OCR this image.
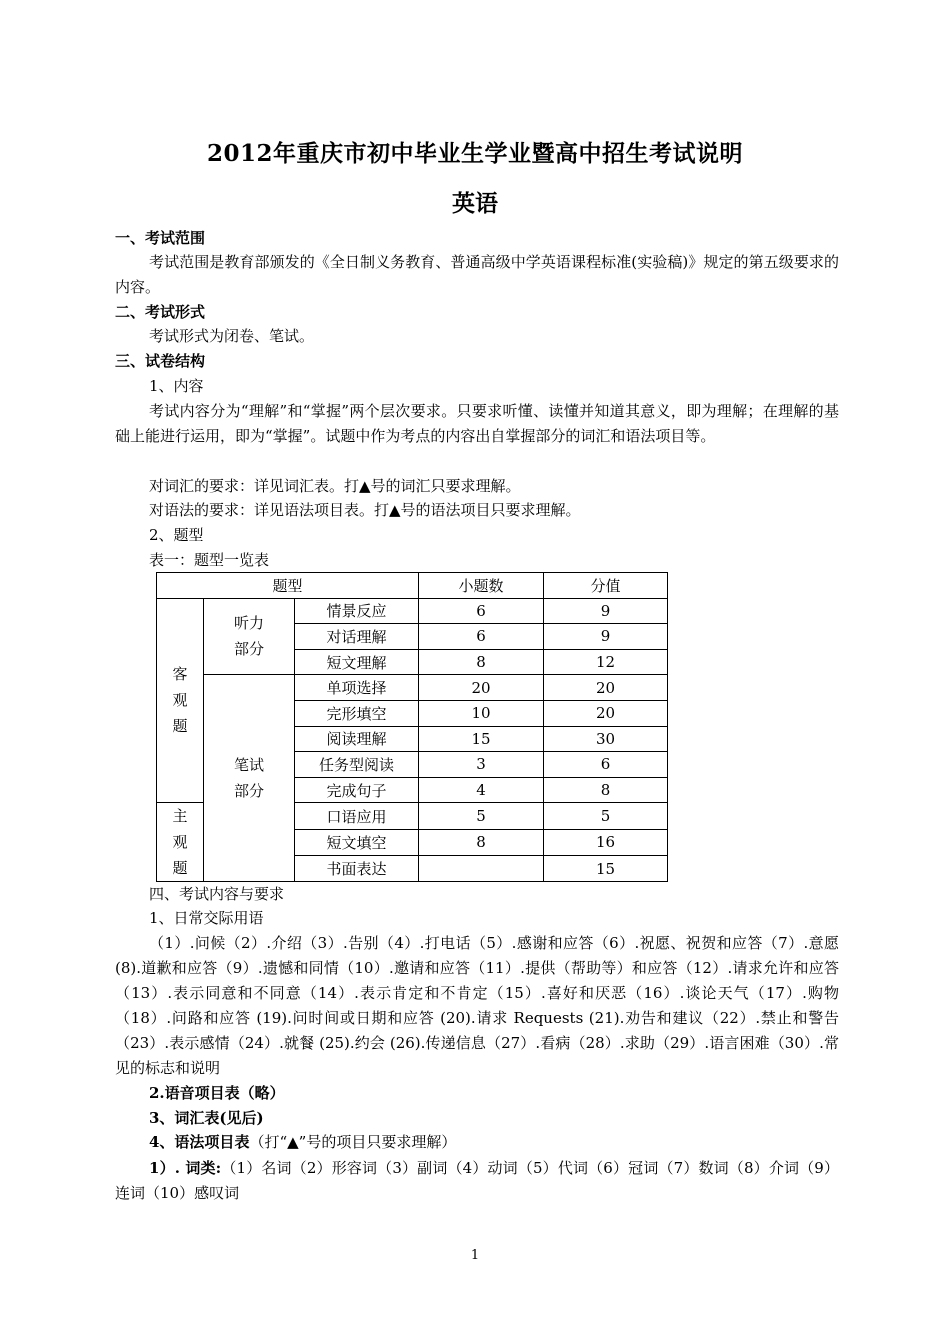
2012年重庆市初中毕业生学业暨高中招生考试说明
英语
一、考试范围
考试范围是教育部颁发的《全日制义务教育、普通高级中学英语课程标准(实验稿)》规定的第五级要求的内容。
二、考试形式
考试形式为闭卷、笔试。
三、试卷结构
1、内容
考试内容分为“理解”和“掌握”两个层次要求。只要求听懂、读懂并知道其意义，即为理解；在理解的基础上能进行运用，即为“掌握”。试题中作为考点的内容出自掌握部分的词汇和语法项目等。
对词汇的要求：详见词汇表。打▲号的词汇只要求理解。
对语法的要求：详见语法项目表。打▲号的语法项目只要求理解。
2、题型
表一：题型一览表
题型			小题数	分值

客观题	听力部分	情景反应	6	9
		对话理解	6	9
		短文理解	8	12

	笔试部分	单项选择	20	20
		完形填空	10	20
		阅读理解	15	30
		任务型阅读	3	6
		完成句子	4	8

主观题		口语应用	5	5
		短文填空	8	16
		书面表达		15
四、考试内容与要求
1、日常交际用语
（1）.问候（2）.介绍（3）.告别（4）.打电话（5）.感谢和应答（6）.祝愿、祝贺和应答（7）.意愿(8).道歉和应答（9）.遗憾和同情（10）.邀请和应答（11）.提供（帮助等）和应答（12）.请求允许和应答（13）.表示同意和不同意（14）.表示肯定和不肯定（15）.喜好和厌恶（16）.谈论天气（17）.购物（18）.问路和应答 (19).问时间或日期和应答 (20).请求 Requests (21).劝告和建议（22）.禁止和警告（23）.表示感情（24）.就餐 (25).约会 (26).传递信息（27）.看病（28）.求助（29）.语言困难（30）.常见的标志和说明
2.语音项目表（略）
3、词汇表(见后)
4、语法项目表（打“▲”号的项目只要求理解）
1）. 词类:（1）名词（2）形容词（3）副词（4）动词（5）代词（6）冠词（7）数词（8）介词（9）连词（10）感叹词
1
